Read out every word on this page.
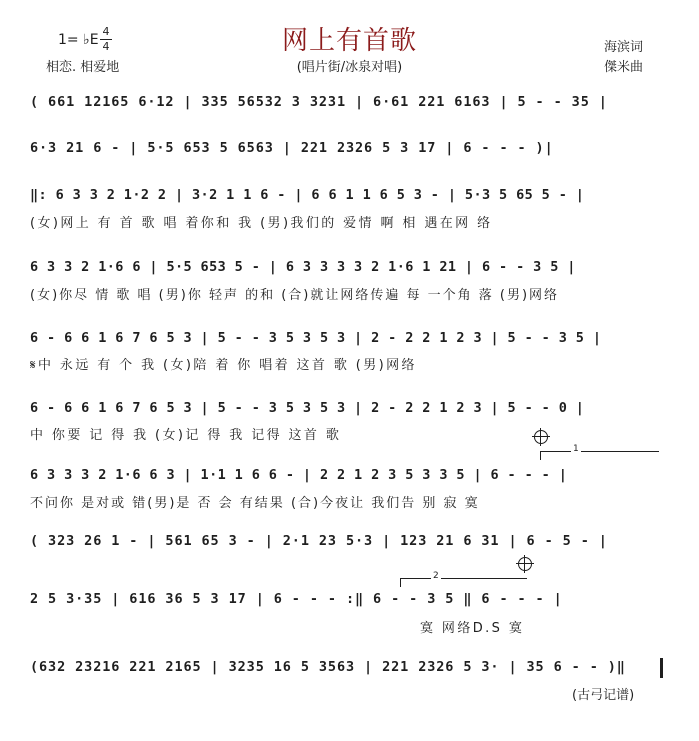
网上有首歌
1= ♭E
4
4
相恋. 相爱地	(唱片街/冰泉对唱)
海滨词
傑米曲
( 661 12165 6·12 | 335 56532 3 3231 | 6·61 221 6163 | 5 - - 35 |
6·3 21 6 - | 5·5 653 5 6563 | 221 2326 5 3 17 | 6 - - - )|
‖: 6 3 3 2 1·2 2 | 3·2 1 1 6 - | 6 6 1 1 6 5 3 - | 5·3 5 65 5 - |
(女)网上 有 首 歌 唱 着你和 我 (男)我们的 爱情 啊 相 遇在网 络
6 3 3 2 1·6 6 | 5·5 653 5 - | 6 3 3 3 3 2 1·6 1 21 | 6 - - 3 5 |
(女)你尽 情 歌 唱 (男)你 轻声 的和 (合)就让网络传遍 每 一个角 落 (男)网络
6 - 6 6 1 6 7 6 5 3 | 5 - - 3 5 3 5 3 | 2 - 2 2 1 2 3 | 5 - - 3 5 |
𝄋中 永远 有 个 我 (女)陪 着 你 唱着 这首 歌 (男)网络
6 - 6 6 1 6 7 6 5 3 | 5 - - 3 5 3 5 3 | 2 - 2 2 1 2 3 | 5 - - 0 |
中 你要 记 得 我 (女)记 得 我 记得 这首 歌
1
6 3 3 3 2 1·6 6 3 | 1·1 1 6 6 - | 2 2 1 2 3 5 3 3 5 | 6 - - - |
不问你 是对或 错(男)是 否 会 有结果 (合)今夜让 我们告 别 寂 寞
( 323 26 1 - | 561 65 3 - | 2·1 23 5·3 | 123 21 6 31 | 6 - 5 - |
2
2 5 3·35 | 616 36 5 3 17 | 6 - - - :‖ 6 - - 3 5 ‖ 6 - - - |
寞 网络D.S 寞
(632 23216 221 2165 | 3235 16 5 3563 | 221 2326 5 3· | 35 6 - - )‖
(古弓记谱)
